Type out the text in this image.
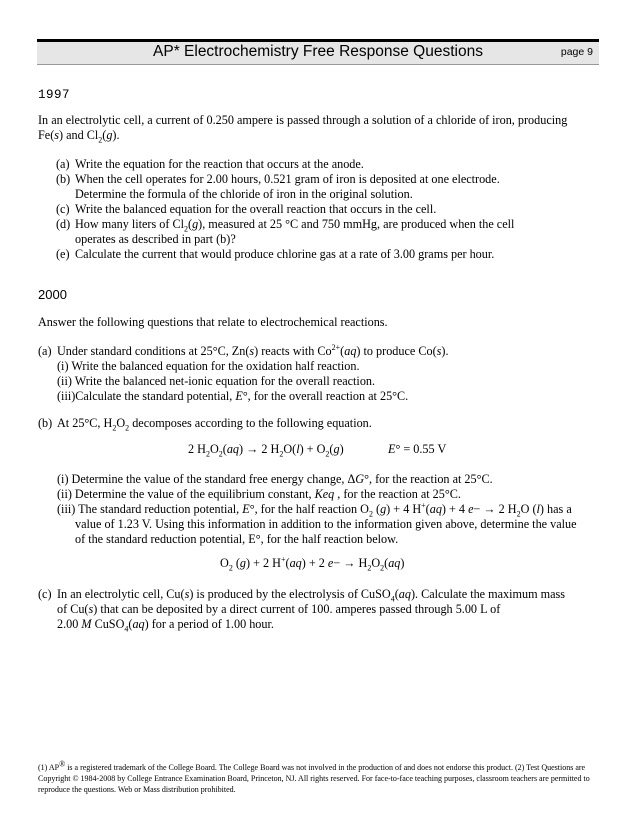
AP* Electrochemistry Free Response Questions	page 9
1997
In an electrolytic cell, a current of 0.250 ampere is passed through a solution of a chloride of iron, producing
Fe(s) and $Cl_2(g)$.
(a) Write the equation for the reaction that occurs at the anode.
(b) When the cell operates for 2.00 hours, 0.521 gram of iron is deposited at one electrode.
Determine the formula of the chloride of iron in the original solution.
(c) Write the balanced equation for the overall reaction that occurs in the cell.
(d) How many liters of $Cl_2(g)$, measured at 25 °C and 750 mmHg, are produced when the cell
operates as described in part (b)?
(e) Calculate the current that would produce chlorine gas at a rate of 3.00 grams per hour.
2000
Answer the following questions that relate to electrochemical reactions.
(a) Under standard conditions at 25°C, Zn(s) reacts with $Co^{2+}(aq)$ to produce Co(s).
(i) Write the balanced equation for the oxidation half reaction.
(ii) Write the balanced net-ionic equation for the overall reaction.
(iii)Calculate the standard potential, E°, for the overall reaction at 25°C.
(b) At 25°C, $H_2O_2$ decomposes according to the following equation.
2 $H_2O_2(aq) \to 2$ $H_2O(l) + O_2(g)$	E° = 0.55 V
(i) Determine the value of the standard free energy change, ΔG°, for the reaction at 25°C.
(ii) Determine the value of the equilibrium constant, Keq , for the reaction at 25°C.
(iii) The standard reduction potential, E°, for the half reaction $O_2$ (g) + 4 H+(aq) + 4 e− → 2 $H_2O$ (l) has a
value of 1.23 V. Using this information in addition to the information given above, determine the value
of the standard reduction potential, E°, for the half reaction below.
$O_2$ (g) + 2 H+(aq) + 2 $e- \to H_2O_2(aq)$
(c) In an electrolytic cell, Cu(s) is produced by the electrolysis of CuSO$_4$(aq). Calculate the maximum mass
of Cu(s) that can be deposited by a direct current of 100. amperes passed through 5.00 L of
2.00 M CuSO$_4$(aq) for a period of 1.00 hour.
(1) AP® is a registered trademark of the College Board. The College Board was not involved in the production of and does not endorse this product. (2) Test Questions are Copyright © 1984-2008 by College Entrance Examination Board, Princeton, NJ. All rights reserved. For face-to-face teaching purposes, classroom teachers are permitted to reproduce the questions. Web or Mass distribution prohibited.
